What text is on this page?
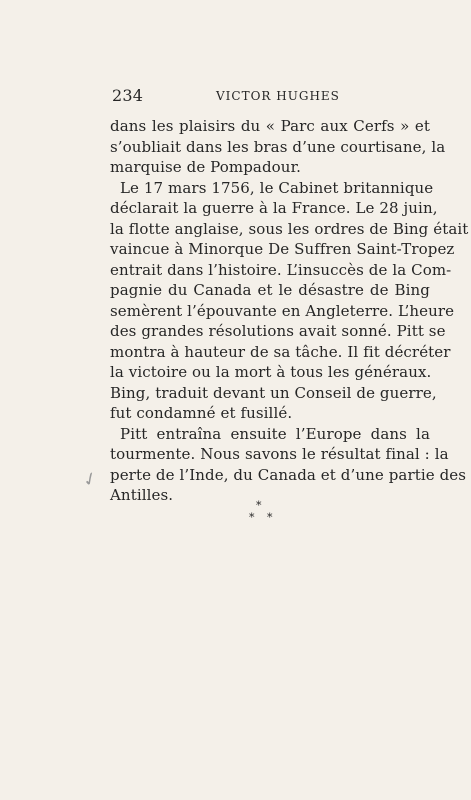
234	VICTOR HUGHES
dans les plaisirs du « Parc aux Cerfs » et
s’oubliait dans les bras d’une courtisane, la
marquise de Pompadour.
Le 17 mars 1756, le Cabinet britannique
déclarait la guerre à la France. Le 28 juin,
la flotte anglaise, sous les ordres de Bing était
vaincue à Minorque De Suffren Saint-Tropez
entrait dans l’histoire. L’insuccès de la Com-
pagnie du Canada et le désastre de Bing
semèrent l’épouvante en Angleterre. L’heure
des grandes résolutions avait sonné. Pitt se
montra à hauteur de sa tâche. Il fit décréter
la victoire ou la mort à tous les généraux.
Bing, traduit devant un Conseil de guerre,
fut condamné et fusillé.
Pitt entraîna ensuite l’Europe dans la
tourmente. Nous savons le résultat final : la
perte de l’Inde, du Canada et d’une partie des
Antilles.
✓
*
* *
